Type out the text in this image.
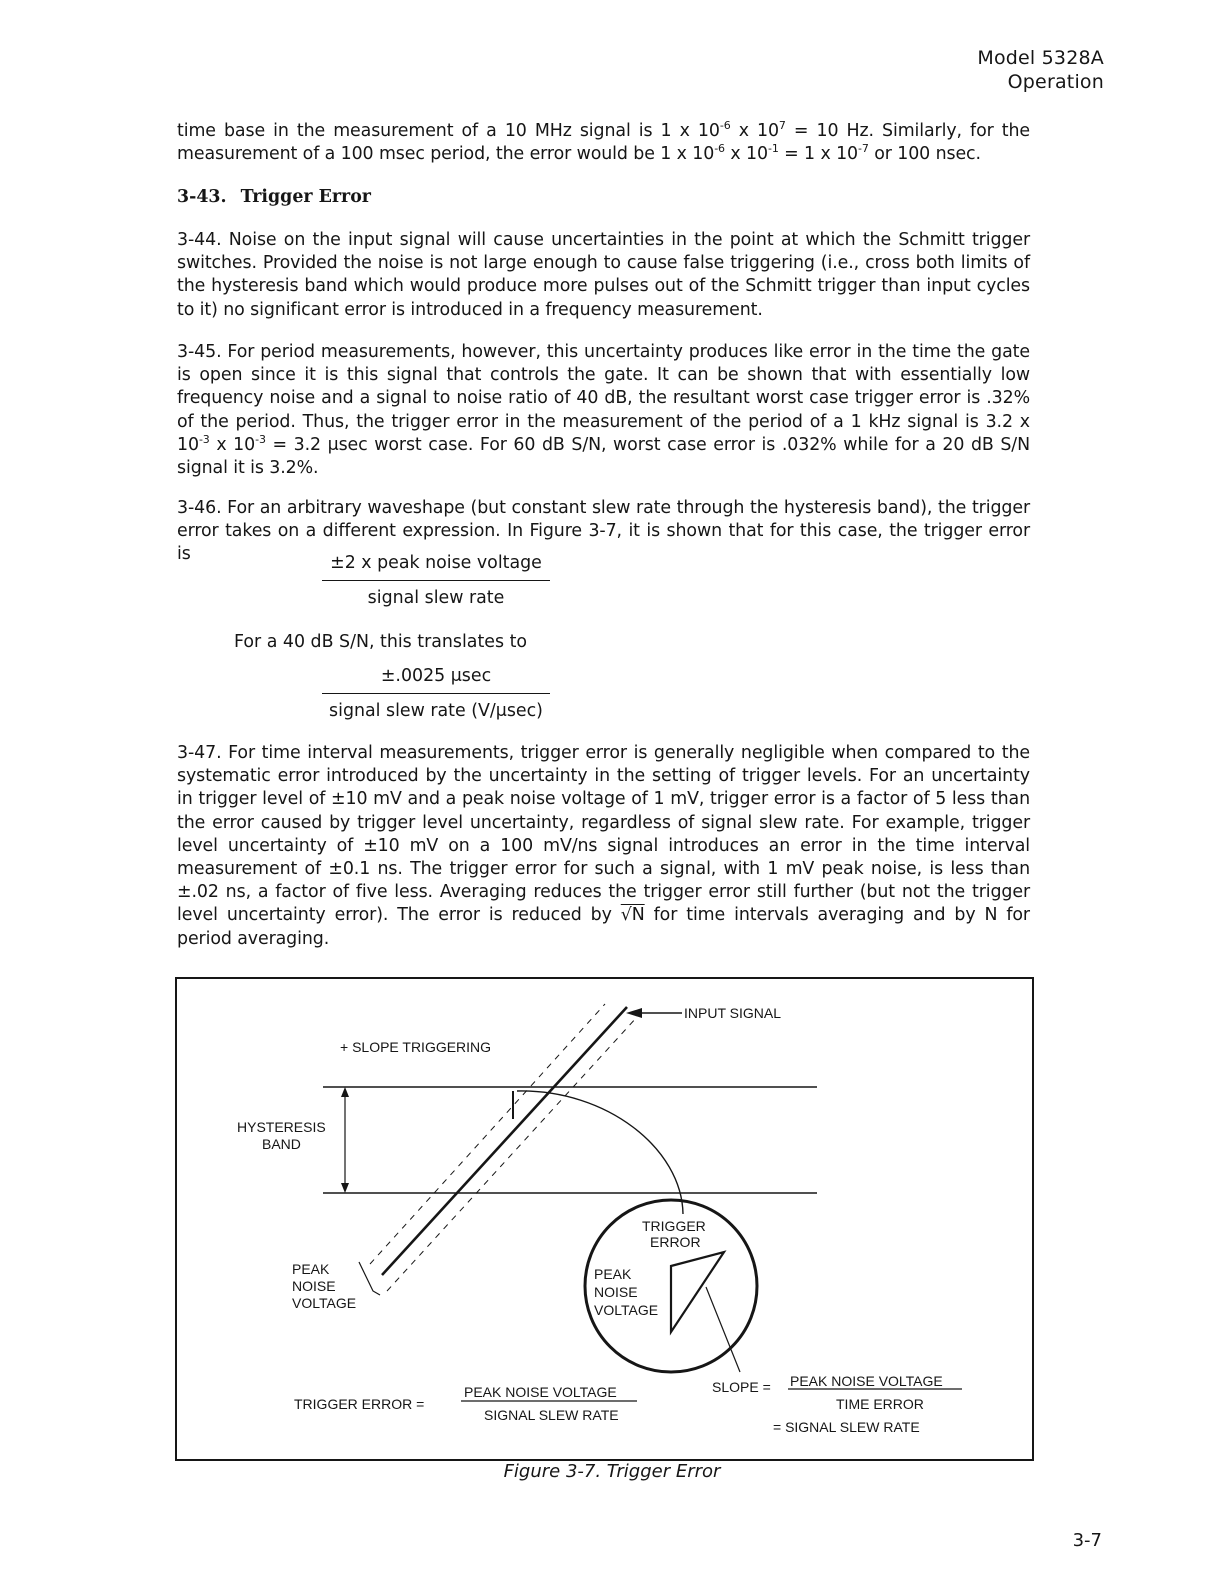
Model 5328A
Operation
time base in the measurement of a 10 MHz signal is 1 x $10^{-6}$ x $10^7 = 10$ Hz. Similarly, for the measurement of a 100 msec period, the error would be 1 x $10^{-6}$ x $10^{-1} = 1$ x $10^{-7}$ or 100 nsec.
3-43. Trigger Error
3-44. Noise on the input signal will cause uncertainties in the point at which the Schmitt trigger switches. Provided the noise is not large enough to cause false triggering (i.e., cross both limits of the hysteresis band which would produce more pulses out of the Schmitt trigger than input cycles to it) no significant error is introduced in a frequency measurement.
3-45. For period measurements, however, this uncertainty produces like error in the time the gate is open since it is this signal that controls the gate. It can be shown that with essentially low frequency noise and a signal to noise ratio of 40 dB, the resultant worst case trigger error is .32% of the period. Thus, the trigger error in the measurement of the period of a 1 kHz signal is 3.2 x $10^{-3}$ x $10^{-3} = 3.2$ μsec worst case. For 60 dB S/N, worst case error is .032% while for a 20 dB S/N signal it is 3.2%.
3-46. For an arbitrary waveshape (but constant slew rate through the hysteresis band), the trigger error takes on a different expression. In Figure 3-7, it is shown that for this case, the trigger error is	±2 x peak noise voltage
signal slew rate
For a 40 dB S/N, this translates to
±.0025 μsec
signal slew rate (V/μsec)
3-47. For time interval measurements, trigger error is generally negligible when compared to the systematic error introduced by the uncertainty in the setting of trigger levels. For an uncertainty in trigger level of ±10 mV and a peak noise voltage of 1 mV, trigger error is a factor of 5 less than the error caused by trigger level uncertainty, regardless of signal slew rate. For example, trigger level uncertainty of ±10 mV on a 100 mV/ns signal introduces an error in the time interval measurement of ±0.1 ns. The trigger error for such a signal, with 1 mV peak noise, is less than ±.02 ns, a factor of five less. Averaging reduces the trigger error still further (but not the trigger level uncertainty error). The error is reduced by √N for time intervals averaging and by N for period averaging.
INPUT SIGNAL
+ SLOPE TRIGGERING
HYSTERESIS
BAND
PEAK
NOISE
VOLTAGE
TRIGGER
ERROR
PEAK
NOISE
VOLTAGE
TRIGGER ERROR =
PEAK NOISE VOLTAGE
SIGNAL SLEW RATE
SLOPE = PEAK NOISE VOLTAGE
TIME ERROR
= SIGNAL SLEW RATE
Figure 3-7. Trigger Error
3-7
